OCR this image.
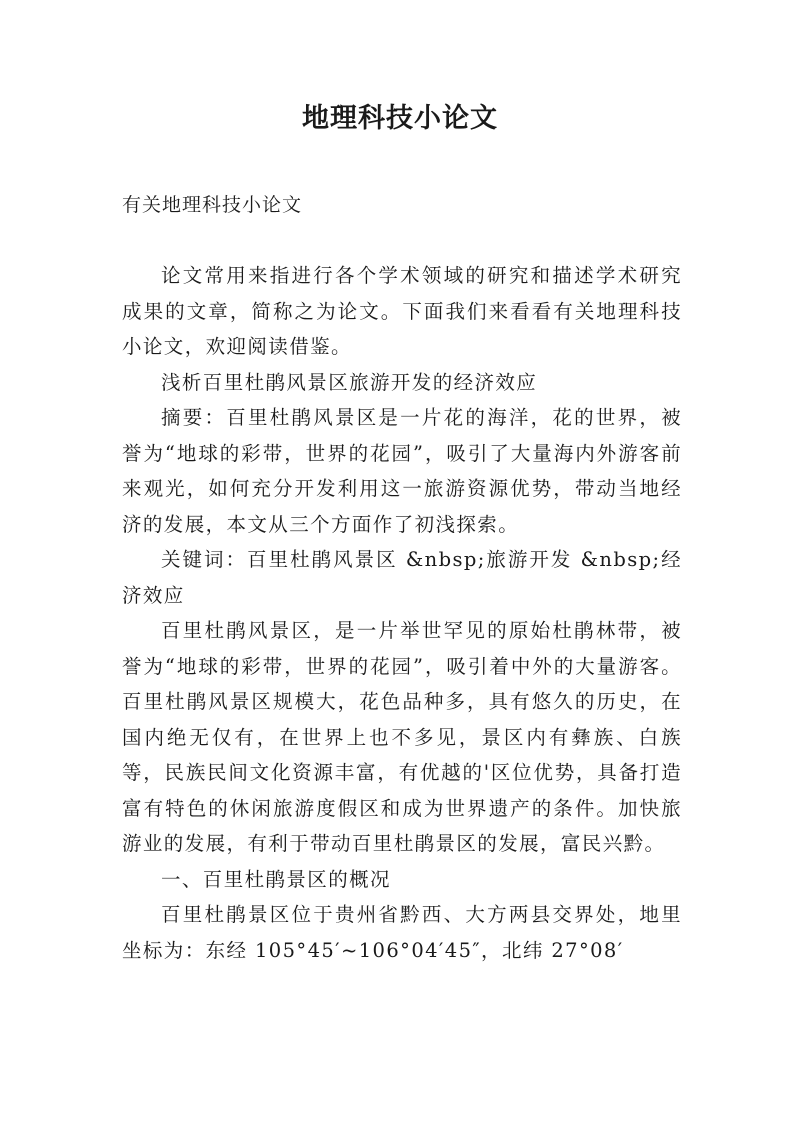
地理科技小论文

有关地理科技小论文

论文常用来指进行各个学术领域的研究和描述学术研究成果的文章，简称之为论文。下面我们来看看有关地理科技小论文，欢迎阅读借鉴。

浅析百里杜鹃风景区旅游开发的经济效应

摘要：百里杜鹃风景区是一片花的海洋，花的世界，被誉为“地球的彩带，世界的花园”，吸引了大量海内外游客前来观光，如何充分开发利用这一旅游资源优势，带动当地经济的发展，本文从三个方面作了初浅探索。

关键词：百里杜鹃风景区 &nbsp;旅游开发 &nbsp;经济效应

百里杜鹃风景区，是一片举世罕见的原始杜鹃林带，被誉为“地球的彩带，世界的花园”，吸引着中外的大量游客。百里杜鹃风景区规模大，花色品种多，具有悠久的历史，在国内绝无仅有，在世界上也不多见，景区内有彝族、白族等，民族民间文化资源丰富，有优越的'区位优势，具备打造富有特色的休闲旅游度假区和成为世界遗产的条件。加快旅游业的发展，有利于带动百里杜鹃景区的发展，富民兴黔。

一、百里杜鹃景区的概况

百里杜鹃景区位于贵州省黔西、大方两县交界处，地里坐标为：东经 105°45′~106°04′45″，北纬 27°08′
